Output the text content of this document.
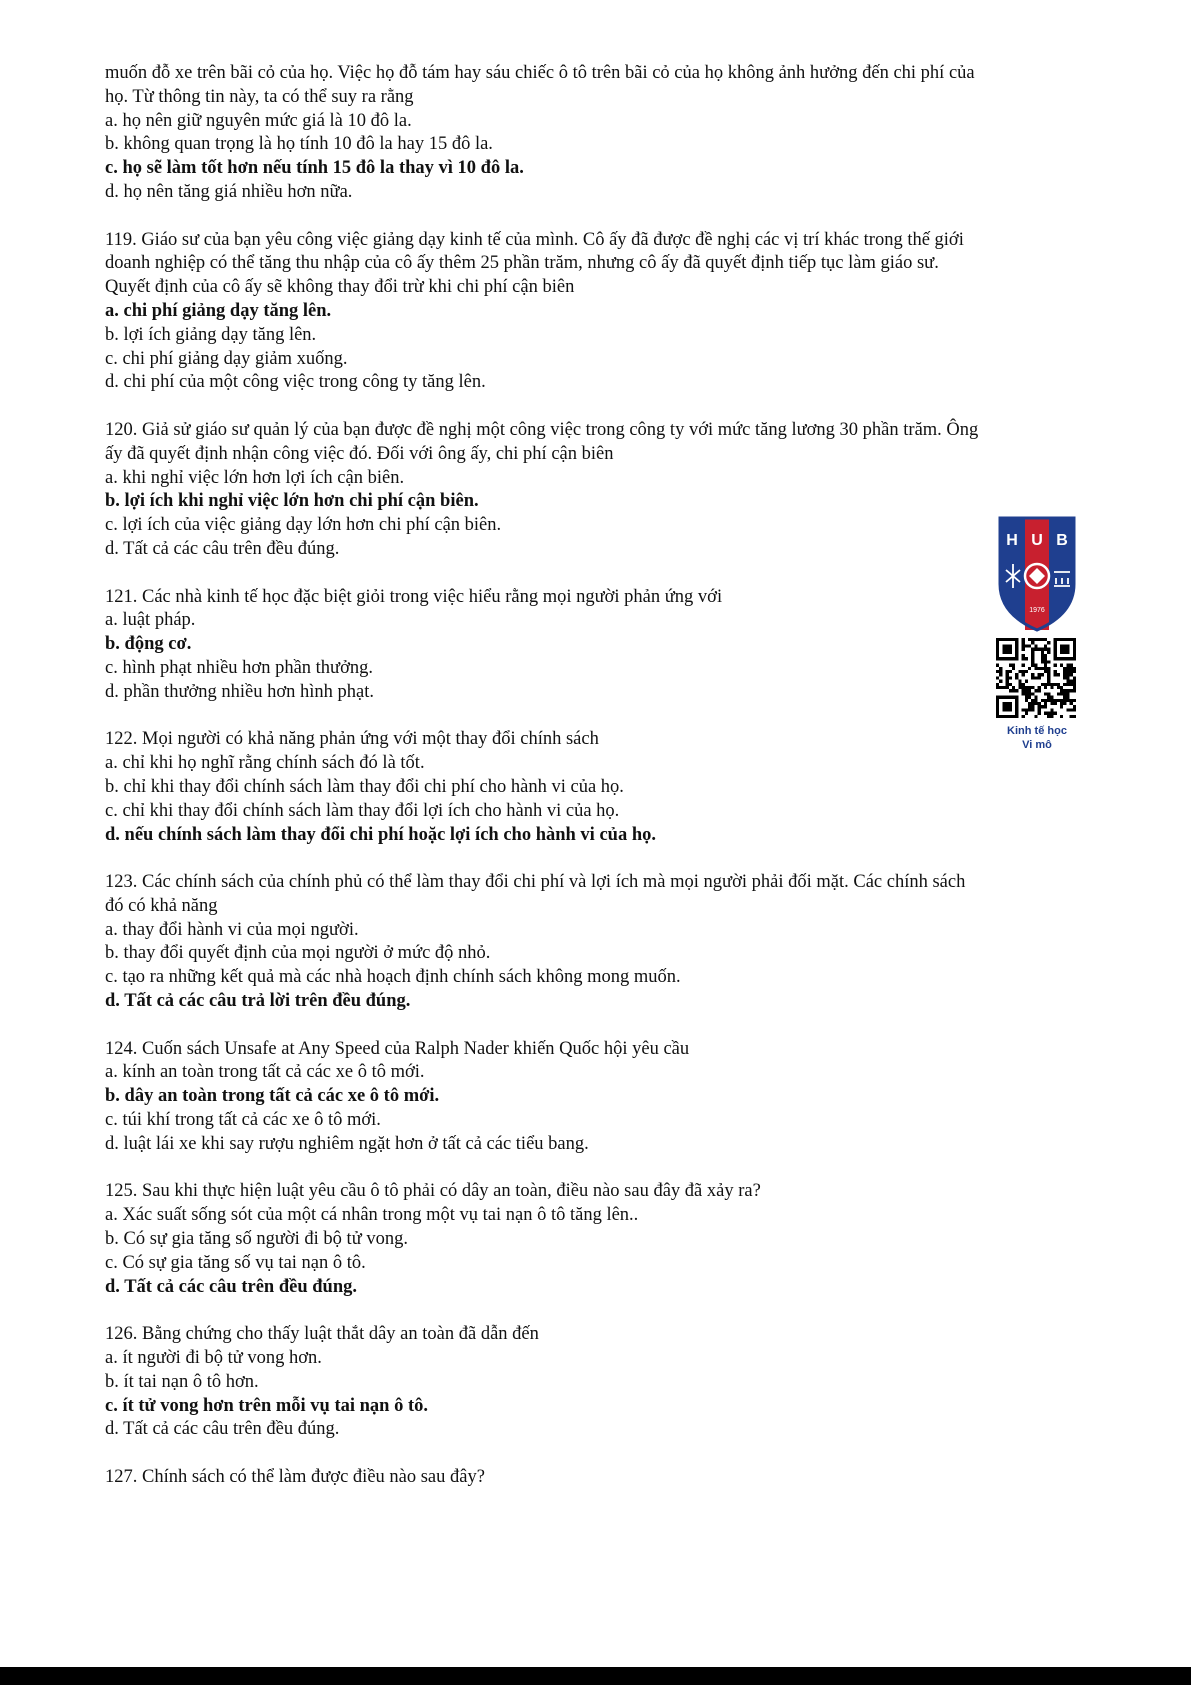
muốn đỗ xe trên bãi cỏ của họ. Việc họ đỗ tám hay sáu chiếc ô tô trên bãi cỏ của họ không ảnh hưởng đến chi phí của

họ. Từ thông tin này, ta có thể suy ra rằng

a. họ nên giữ nguyên mức giá là 10 đô la.

b. không quan trọng là họ tính 10 đô la hay 15 đô la.

c. họ sẽ làm tốt hơn nếu tính 15 đô la thay vì 10 đô la.

d. họ nên tăng giá nhiều hơn nữa.

119. Giáo sư của bạn yêu công việc giảng dạy kinh tế của mình. Cô ấy đã được đề nghị các vị trí khác trong thế giới

doanh nghiệp có thể tăng thu nhập của cô ấy thêm 25 phần trăm, nhưng cô ấy đã quyết định tiếp tục làm giáo sư.

Quyết định của cô ấy sẽ không thay đổi trừ khi chi phí cận biên

a. chi phí giảng dạy tăng lên.

b. lợi ích giảng dạy tăng lên.

c. chi phí giảng dạy giảm xuống.

d. chi phí của một công việc trong công ty tăng lên.

120. Giả sử giáo sư quản lý của bạn được đề nghị một công việc trong công ty với mức tăng lương 30 phần trăm. Ông

ấy đã quyết định nhận công việc đó. Đối với ông ấy, chi phí cận biên

a. khi nghỉ việc lớn hơn lợi ích cận biên.

b. lợi ích khi nghỉ việc lớn hơn chi phí cận biên.

c. lợi ích của việc giảng dạy lớn hơn chi phí cận biên.

d. Tất cả các câu trên đều đúng.

121. Các nhà kinh tế học đặc biệt giỏi trong việc hiểu rằng mọi người phản ứng với

a. luật pháp.

b. động cơ.

c. hình phạt nhiều hơn phần thưởng.

d. phần thưởng nhiều hơn hình phạt.

122. Mọi người có khả năng phản ứng với một thay đổi chính sách

a. chỉ khi họ nghĩ rằng chính sách đó là tốt.

b. chỉ khi thay đổi chính sách làm thay đổi chi phí cho hành vi của họ.

c. chỉ khi thay đổi chính sách làm thay đổi lợi ích cho hành vi của họ.

d. nếu chính sách làm thay đổi chi phí hoặc lợi ích cho hành vi của họ.

123. Các chính sách của chính phủ có thể làm thay đổi chi phí và lợi ích mà mọi người phải đối mặt. Các chính sách

đó có khả năng

a. thay đổi hành vi của mọi người.

b. thay đổi quyết định của mọi người ở mức độ nhỏ.

c. tạo ra những kết quả mà các nhà hoạch định chính sách không mong muốn.

d. Tất cả các câu trả lời trên đều đúng.

124. Cuốn sách Unsafe at Any Speed của Ralph Nader khiến Quốc hội yêu cầu

a. kính an toàn trong tất cả các xe ô tô mới.

b. dây an toàn trong tất cả các xe ô tô mới.

c. túi khí trong tất cả các xe ô tô mới.

d. luật lái xe khi say rượu nghiêm ngặt hơn ở tất cả các tiểu bang.

125. Sau khi thực hiện luật yêu cầu ô tô phải có dây an toàn, điều nào sau đây đã xảy ra?

a. Xác suất sống sót của một cá nhân trong một vụ tai nạn ô tô tăng lên..

b. Có sự gia tăng số người đi bộ tử vong.

c. Có sự gia tăng số vụ tai nạn ô tô.

d. Tất cả các câu trên đều đúng.

126. Bằng chứng cho thấy luật thắt dây an toàn đã dẫn đến

a. ít người đi bộ tử vong hơn.

b. ít tai nạn ô tô hơn.

c. ít tử vong hơn trên mỗi vụ tai nạn ô tô.

d. Tất cả các câu trên đều đúng.

127. Chính sách có thể làm được điều nào sau đây?

H U B
1976
Kinh tế học
Vi mô
